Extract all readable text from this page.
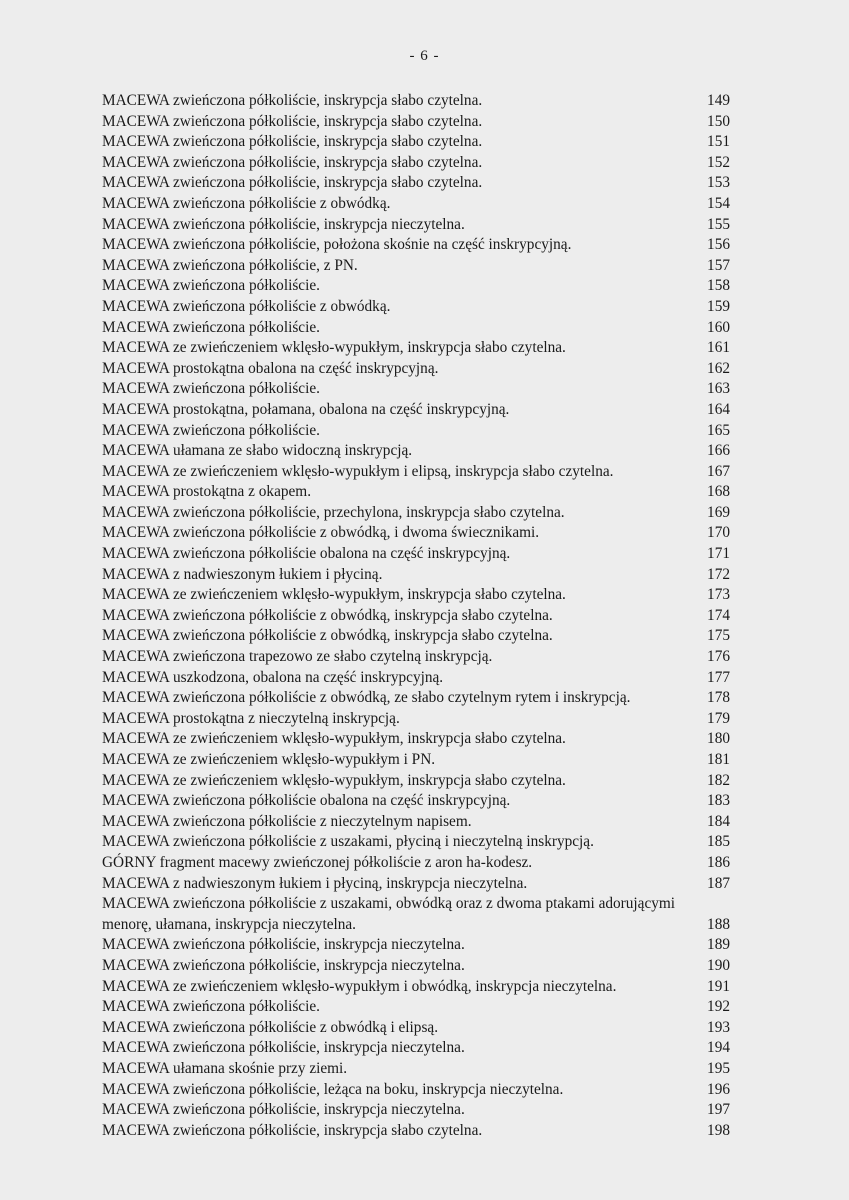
- 6 -
MACEWA zwieńczona półkoliście, inskrypcja słabo czytelna.	149
MACEWA zwieńczona półkoliście, inskrypcja słabo czytelna.	150
MACEWA zwieńczona półkoliście, inskrypcja słabo czytelna.	151
MACEWA zwieńczona półkoliście, inskrypcja słabo czytelna.	152
MACEWA zwieńczona półkoliście, inskrypcja słabo czytelna.	153
MACEWA zwieńczona półkoliście z obwódką.	154
MACEWA zwieńczona półkoliście, inskrypcja nieczytelna.	155
MACEWA zwieńczona półkoliście, położona skośnie na część inskrypcyjną.	156
MACEWA zwieńczona półkoliście, z PN.	157
MACEWA zwieńczona półkoliście.	158
MACEWA zwieńczona półkoliście z obwódką.	159
MACEWA zwieńczona półkoliście.	160
MACEWA ze zwieńczeniem wklęsło-wypukłym, inskrypcja słabo czytelna.	161
MACEWA prostokątna obalona na część inskrypcyjną.	162
MACEWA zwieńczona półkoliście.	163
MACEWA prostokątna, połamana, obalona na część inskrypcyjną.	164
MACEWA zwieńczona półkoliście.	165
MACEWA ułamana ze słabo widoczną inskrypcją.	166
MACEWA ze zwieńczeniem wklęsło-wypukłym i elipsą, inskrypcja słabo czytelna.	167
MACEWA prostokątna z okapem.	168
MACEWA zwieńczona półkoliście, przechylona, inskrypcja słabo czytelna.	169
MACEWA zwieńczona półkoliście z obwódką, i dwoma świecznikami.	170
MACEWA zwieńczona półkoliście obalona na część inskrypcyjną.	171
MACEWA z nadwieszonym łukiem i płyciną.	172
MACEWA ze zwieńczeniem wklęsło-wypukłym, inskrypcja słabo czytelna.	173
MACEWA zwieńczona półkoliście z obwódką, inskrypcja słabo czytelna.	174
MACEWA zwieńczona półkoliście z obwódką, inskrypcja słabo czytelna.	175
MACEWA zwieńczona trapezowo ze słabo czytelną inskrypcją.	176
MACEWA uszkodzona, obalona na część inskrypcyjną.	177
MACEWA zwieńczona półkoliście z obwódką, ze słabo czytelnym rytem i inskrypcją.	178
MACEWA prostokątna z nieczytelną inskrypcją.	179
MACEWA ze zwieńczeniem wklęsło-wypukłym, inskrypcja słabo czytelna.	180
MACEWA ze zwieńczeniem wklęsło-wypukłym i PN.	181
MACEWA ze zwieńczeniem wklęsło-wypukłym, inskrypcja słabo czytelna.	182
MACEWA zwieńczona półkoliście obalona na część inskrypcyjną.	183
MACEWA zwieńczona półkoliście z nieczytelnym napisem.	184
MACEWA zwieńczona półkoliście z uszakami, płyciną i nieczytelną inskrypcją.	185
GÓRNY fragment macewy zwieńczonej półkoliście z aron ha-kodesz.	186
MACEWA z nadwieszonym łukiem i płyciną, inskrypcja nieczytelna.	187
MACEWA zwieńczona półkoliście z uszakami, obwódką oraz z dwoma ptakami adorującymi menorę, ułamana, inskrypcja nieczytelna.	188
MACEWA zwieńczona półkoliście, inskrypcja nieczytelna.	189
MACEWA zwieńczona półkoliście, inskrypcja nieczytelna.	190
MACEWA ze zwieńczeniem wklęsło-wypukłym i obwódką, inskrypcja nieczytelna.	191
MACEWA zwieńczona półkoliście.	192
MACEWA zwieńczona półkoliście z obwódką i elipsą.	193
MACEWA zwieńczona półkoliście, inskrypcja nieczytelna.	194
MACEWA ułamana skośnie przy ziemi.	195
MACEWA zwieńczona półkoliście, leżąca na boku, inskrypcja nieczytelna.	196
MACEWA zwieńczona półkoliście, inskrypcja nieczytelna.	197
MACEWA zwieńczona półkoliście, inskrypcja słabo czytelna.	198
